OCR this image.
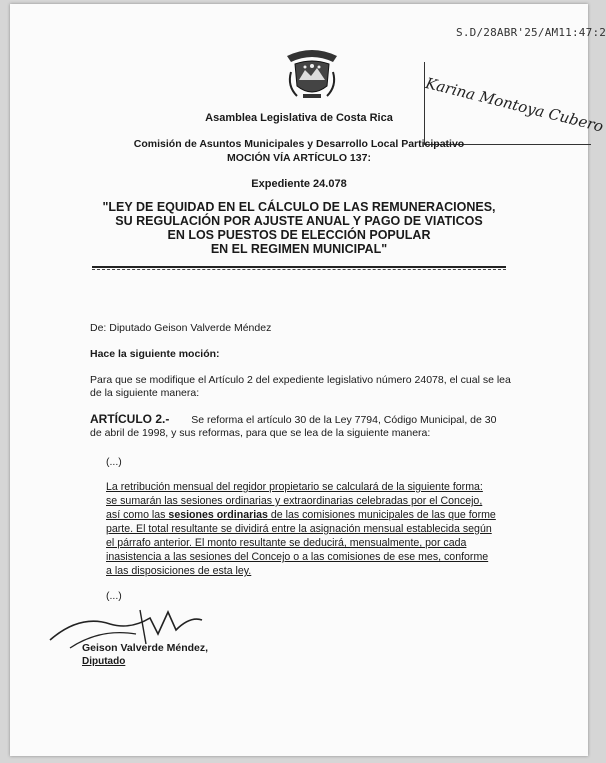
S.D/28ABR'25/AM11:47:2
Karina Montoya Cubero
Asamblea Legislativa de Costa Rica
Comisión de Asuntos Municipales y Desarrollo Local Participativo
MOCIÓN VÍA ARTÍCULO 137:
Expediente 24.078
"LEY DE EQUIDAD EN EL CÁLCULO DE LAS REMUNERACIONES,
SU REGULACIÓN POR AJUSTE ANUAL Y PAGO DE VIATICOS
EN LOS PUESTOS DE ELECCIÓN POPULAR
EN EL REGIMEN MUNICIPAL"
De: Diputado Geison Valverde Méndez
Hace la siguiente moción:
Para que se modifique el Artículo 2 del expediente legislativo número 24078, el cual se lea
de la siguiente manera:
ARTÍCULO 2.- Se reforma el artículo 30 de la Ley 7794, Código Municipal, de 30
de abril de 1998, y sus reformas, para que se lea de la siguiente manera:
(...)
La retribución mensual del regidor propietario se calculará de la siguiente forma:
se sumarán las sesiones ordinarias y extraordinarias celebradas por el Concejo,
así como las sesiones ordinarias de las comisiones municipales de las que forme
parte. El total resultante se dividirá entre la asignación mensual establecida según
el párrafo anterior. El monto resultante se deducirá, mensualmente, por cada
inasistencia a las sesiones del Concejo o a las comisiones de ese mes, conforme
a las disposiciones de esta ley.
(...)
Geison Valverde Méndez,
Diputado
